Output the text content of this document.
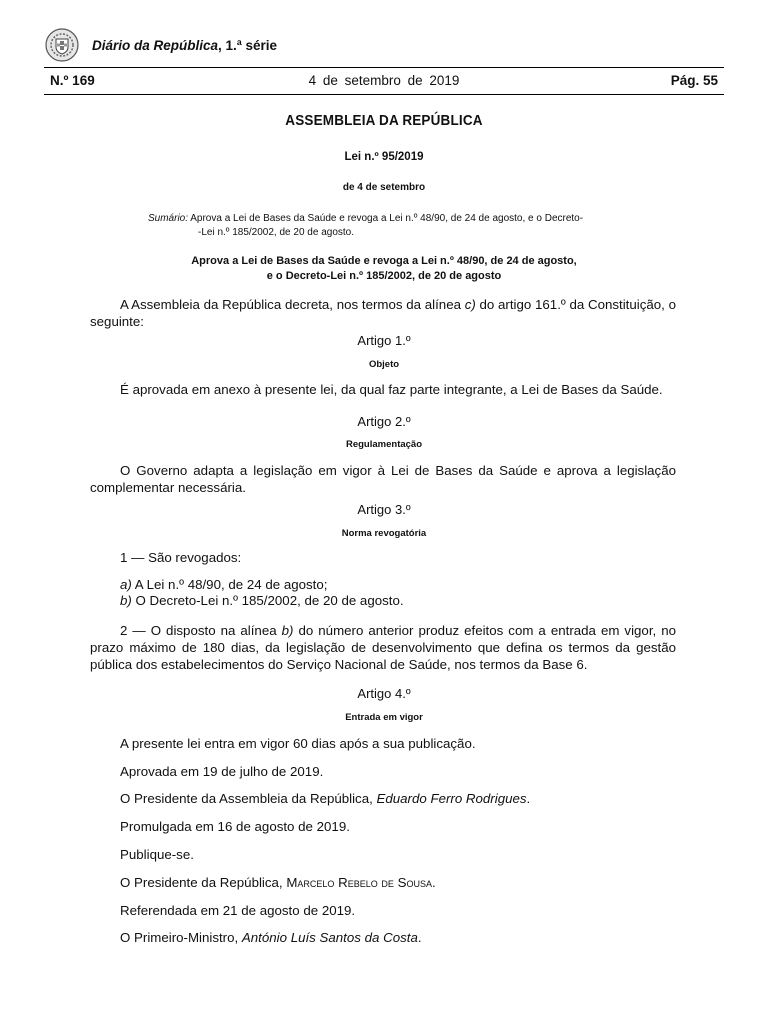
Diário da República, 1.ª série
N.º 169	4 de setembro de 2019	Pág. 55
ASSEMBLEIA DA REPÚBLICA
Lei n.º 95/2019
de 4 de setembro
Sumário: Aprova a Lei de Bases da Saúde e revoga a Lei n.º 48/90, de 24 de agosto, e o Decreto-
-Lei n.º 185/2002, de 20 de agosto.
Aprova a Lei de Bases da Saúde e revoga a Lei n.º 48/90, de 24 de agosto,
e o Decreto-Lei n.º 185/2002, de 20 de agosto
A Assembleia da República decreta, nos termos da alínea c) do artigo 161.º da Constituição, o seguinte:
Artigo 1.º
Objeto
É aprovada em anexo à presente lei, da qual faz parte integrante, a Lei de Bases da Saúde.
Artigo 2.º
Regulamentação
O Governo adapta a legislação em vigor à Lei de Bases da Saúde e aprova a legislação complementar necessária.
Artigo 3.º
Norma revogatória
1 — São revogados:
a) A Lei n.º 48/90, de 24 de agosto;
b) O Decreto-Lei n.º 185/2002, de 20 de agosto.
2 — O disposto na alínea b) do número anterior produz efeitos com a entrada em vigor, no prazo máximo de 180 dias, da legislação de desenvolvimento que defina os termos da gestão pública dos estabelecimentos do Serviço Nacional de Saúde, nos termos da Base 6.
Artigo 4.º
Entrada em vigor
A presente lei entra em vigor 60 dias após a sua publicação.
Aprovada em 19 de julho de 2019.
O Presidente da Assembleia da República, Eduardo Ferro Rodrigues.
Promulgada em 16 de agosto de 2019.
Publique-se.
O Presidente da República, Marcelo Rebelo de Sousa.
Referendada em 21 de agosto de 2019.
O Primeiro-Ministro, António Luís Santos da Costa.
